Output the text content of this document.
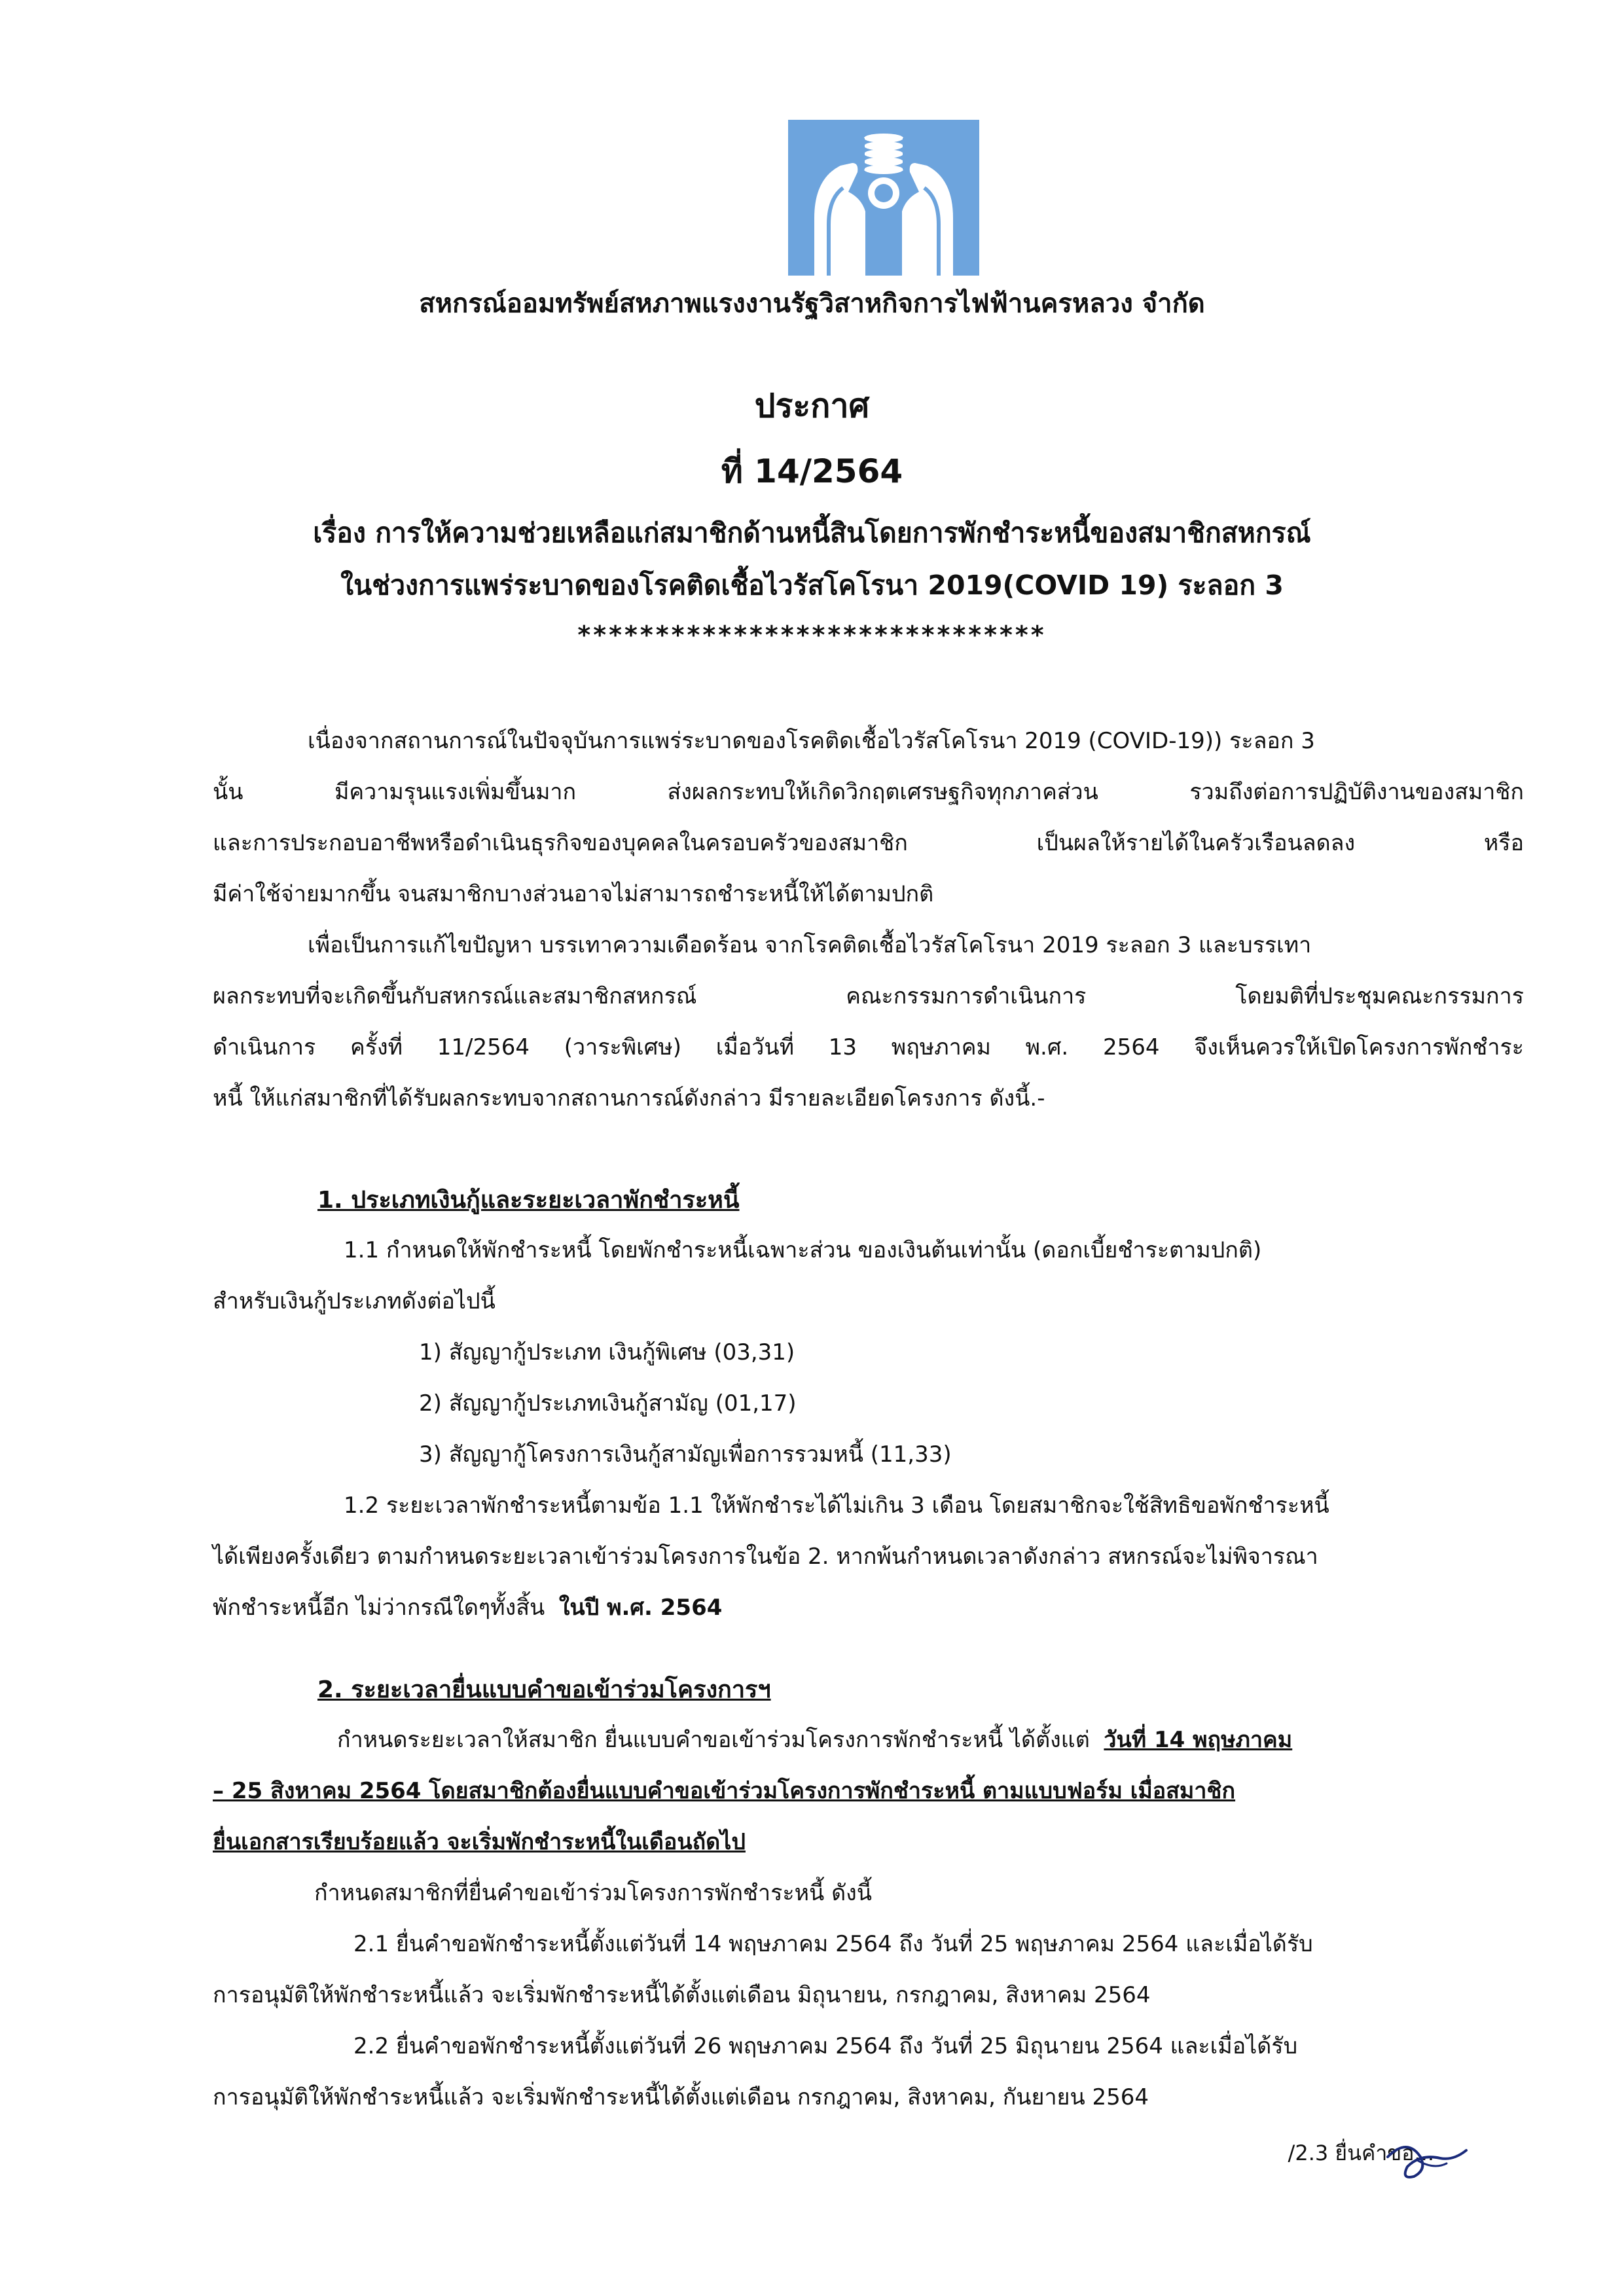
สหกรณ์ออมทรัพย์สหภาพแรงงานรัฐวิสาหกิจการไฟฟ้านครหลวง จำกัด
ประกาศ
ที่ 14/2564
เรื่อง การให้ความช่วยเหลือแก่สมาชิกด้านหนี้สินโดยการพักชำระหนี้ของสมาชิกสหกรณ์
ในช่วงการแพร่ระบาดของโรคติดเชื้อไวรัสโคโรนา 2019(COVID 19) ระลอก 3
******************************
เนื่องจากสถานการณ์ในปัจจุบันการแพร่ระบาดของโรคติดเชื้อไวรัสโคโรนา 2019 (COVID-19)) ระลอก 3
นั้น มีความรุนแรงเพิ่มขึ้นมาก ส่งผลกระทบให้เกิดวิกฤตเศรษฐกิจทุกภาคส่วน รวมถึงต่อการปฏิบัติงานของสมาชิก
และการประกอบอาชีพหรือดำเนินธุรกิจของบุคคลในครอบครัวของสมาชิก เป็นผลให้รายได้ในครัวเรือนลดลง หรือ
มีค่าใช้จ่ายมากขึ้น จนสมาชิกบางส่วนอาจไม่สามารถชำระหนี้ให้ได้ตามปกติ
เพื่อเป็นการแก้ไขปัญหา บรรเทาความเดือดร้อน จากโรคติดเชื้อไวรัสโคโรนา 2019 ระลอก 3 และบรรเทา
ผลกระทบที่จะเกิดขึ้นกับสหกรณ์และสมาชิกสหกรณ์ คณะกรรมการดำเนินการ โดยมติที่ประชุมคณะกรรมการ
ดำเนินการ ครั้งที่ 11/2564 (วาระพิเศษ) เมื่อวันที่ 13 พฤษภาคม พ.ศ. 2564 จึงเห็นควรให้เปิดโครงการพักชำระ
หนี้ ให้แก่สมาชิกที่ได้รับผลกระทบจากสถานการณ์ดังกล่าว มีรายละเอียดโครงการ ดังนี้.-
1. ประเภทเงินกู้และระยะเวลาพักชำระหนี้
1.1 กำหนดให้พักชำระหนี้ โดยพักชำระหนี้เฉพาะส่วน ของเงินต้นเท่านั้น (ดอกเบี้ยชำระตามปกติ)
สำหรับเงินกู้ประเภทดังต่อไปนี้
1) สัญญากู้ประเภท เงินกู้พิเศษ (03,31)
2) สัญญากู้ประเภทเงินกู้สามัญ (01,17)
3) สัญญากู้โครงการเงินกู้สามัญเพื่อการรวมหนี้ (11,33)
1.2 ระยะเวลาพักชำระหนี้ตามข้อ 1.1 ให้พักชำระได้ไม่เกิน 3 เดือน โดยสมาชิกจะใช้สิทธิขอพักชำระหนี้
ได้เพียงครั้งเดียว ตามกำหนดระยะเวลาเข้าร่วมโครงการในข้อ 2. หากพ้นกำหนดเวลาดังกล่าว สหกรณ์จะไม่พิจารณา
พักชำระหนี้อีก ไม่ว่ากรณีใดๆทั้งสิ้น ในปี พ.ศ. 2564
2. ระยะเวลายื่นแบบคำขอเข้าร่วมโครงการฯ
กำหนดระยะเวลาให้สมาชิก ยื่นแบบคำขอเข้าร่วมโครงการพักชำระหนี้ ได้ตั้งแต่ วันที่ 14 พฤษภาคม
– 25 สิงหาคม 2564 โดยสมาชิกต้องยื่นแบบคำขอเข้าร่วมโครงการพักชำระหนี้ ตามแบบฟอร์ม เมื่อสมาชิก
ยื่นเอกสารเรียบร้อยแล้ว จะเริ่มพักชำระหนี้ในเดือนถัดไป
กำหนดสมาชิกที่ยื่นคำขอเข้าร่วมโครงการพักชำระหนี้ ดังนี้
2.1 ยื่นคำขอพักชำระหนี้ตั้งแต่วันที่ 14 พฤษภาคม 2564 ถึง วันที่ 25 พฤษภาคม 2564 และเมื่อได้รับ
การอนุมัติให้พักชำระหนี้แล้ว จะเริ่มพักชำระหนี้ได้ตั้งแต่เดือน มิถุนายน, กรกฎาคม, สิงหาคม 2564
2.2 ยื่นคำขอพักชำระหนี้ตั้งแต่วันที่ 26 พฤษภาคม 2564 ถึง วันที่ 25 มิถุนายน 2564 และเมื่อได้รับ
การอนุมัติให้พักชำระหนี้แล้ว จะเริ่มพักชำระหนี้ได้ตั้งแต่เดือน กรกฎาคม, สิงหาคม, กันยายน 2564
/2.3 ยื่นคำขอ...
